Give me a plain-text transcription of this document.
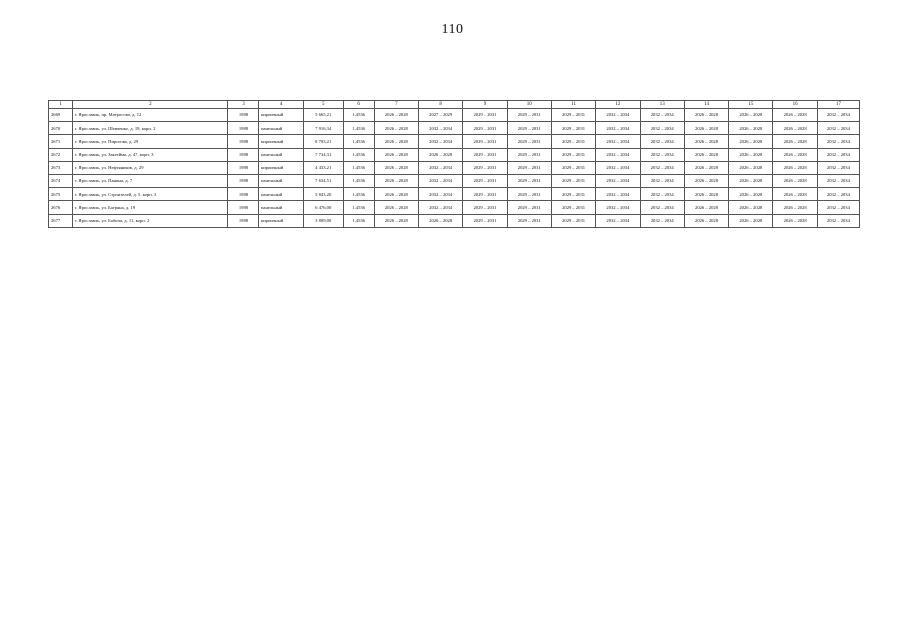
110
1	2	3	4	5	6	7	8	9	10	11	12	13	14	15	16	17
2669	г. Ярославль, пр. Матросова, д. 12	1988	кирпичный	5 665,21	1,4536	2026 – 2028	2027 – 2029	2029 – 2031	2029 – 2031	2029 – 2031	2032 – 2034	2032 – 2034	2026 – 2028	2026 – 2028	2026 – 2028	2032 – 2034
2670	г. Ярославль, ул. Шевченко, д. 19, корп. 2	1988	панельный	7 916,34	1,4536	2026 – 2028	2032 – 2034	2029 – 2031	2029 – 2031	2029 – 2031	2032 – 2034	2032 – 2034	2026 – 2028	2026 – 2028	2026 – 2028	2032 – 2034
2671	г. Ярославль, ул. Пирогова, д. 29	1988	кирпичный	8 793,21	1,4536	2026 – 2028	2032 – 2034	2029 – 2031	2029 – 2031	2029 – 2031	2032 – 2034	2032 – 2034	2026 – 2028	2026 – 2028	2026 – 2028	2032 – 2034
2672	г. Ярославль, ул. Закгейма, д. 47, корп. 3	1988	панельный	7 734,31	1,4536	2026 – 2028	2026 – 2028	2029 – 2031	2029 – 2031	2029 – 2031	2032 – 2034	2032 – 2034	2026 – 2028	2026 – 2028	2026 – 2028	2032 – 2034
2673	г. Ярославль, ул. Нефтяников, д. 29	1988	кирпичный	4 433,21	1,4536	2026 – 2028	2032 – 2034	2029 – 2031	2029 – 2031	2029 – 2031	2032 – 2034	2032 – 2034	2026 – 2028	2026 – 2028	2026 – 2028	2032 – 2034
2674	г. Ярославль, ул. Панина, д. 7	1988	панельный	7 634,51	1,4536	2026 – 2028	2032 – 2034	2029 – 2031	2029 – 2031	2029 – 2031	2032 – 2034	2032 – 2034	2026 – 2028	2026 – 2028	2026 – 2028	2032 – 2034
2675	г. Ярославль, ул. Строителей, д. 5, корп. 3	1988	панельный	5 843,20	1,4536	2026 – 2028	2032 – 2034	2029 – 2031	2029 – 2031	2029 – 2031	2032 – 2034	2032 – 2034	2026 – 2028	2026 – 2028	2026 – 2028	2032 – 2034
2676	г. Ярославль, ул. Багряна, д. 19	1988	панельный	6 476,00	1,4536	2026 – 2028	2032 – 2034	2029 – 2031	2029 – 2031	2029 – 2031	2032 – 2034	2032 – 2034	2026 – 2028	2026 – 2028	2026 – 2028	2032 – 2034
2677	г. Ярославль, ул. Бабича, д. 11, корп. 2	1988	кирпичный	3 809,00	1,4536	2026 – 2028	2026 – 2028	2029 – 2031	2029 – 2031	2029 – 2031	2032 – 2034	2032 – 2034	2026 – 2028	2026 – 2028	2026 – 2028	2032 – 2034
